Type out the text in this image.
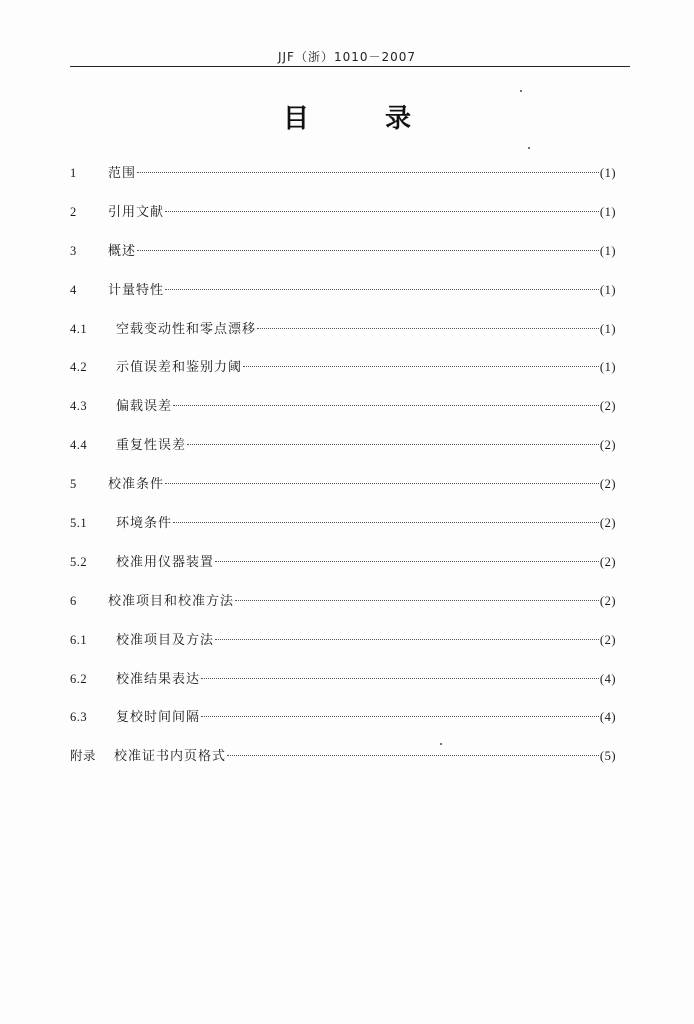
JJF（浙）1010－2007
目	录
1	范围	(1)
2	引用文献	(1)
3	概述	(1)
4	计量特性	(1)
4.1	空载变动性和零点漂移	(1)
4.2	示值误差和鉴别力阈	(1)
4.3	偏载误差	(2)
4.4	重复性误差	(2)
5	校准条件	(2)
5.1	环境条件	(2)
5.2	校准用仪器装置	(2)
6	校准项目和校准方法	(2)
6.1	校准项目及方法	(2)
6.2	校准结果表达	(4)
6.3	复校时间间隔	(4)
附录	校准证书内页格式	(5)
